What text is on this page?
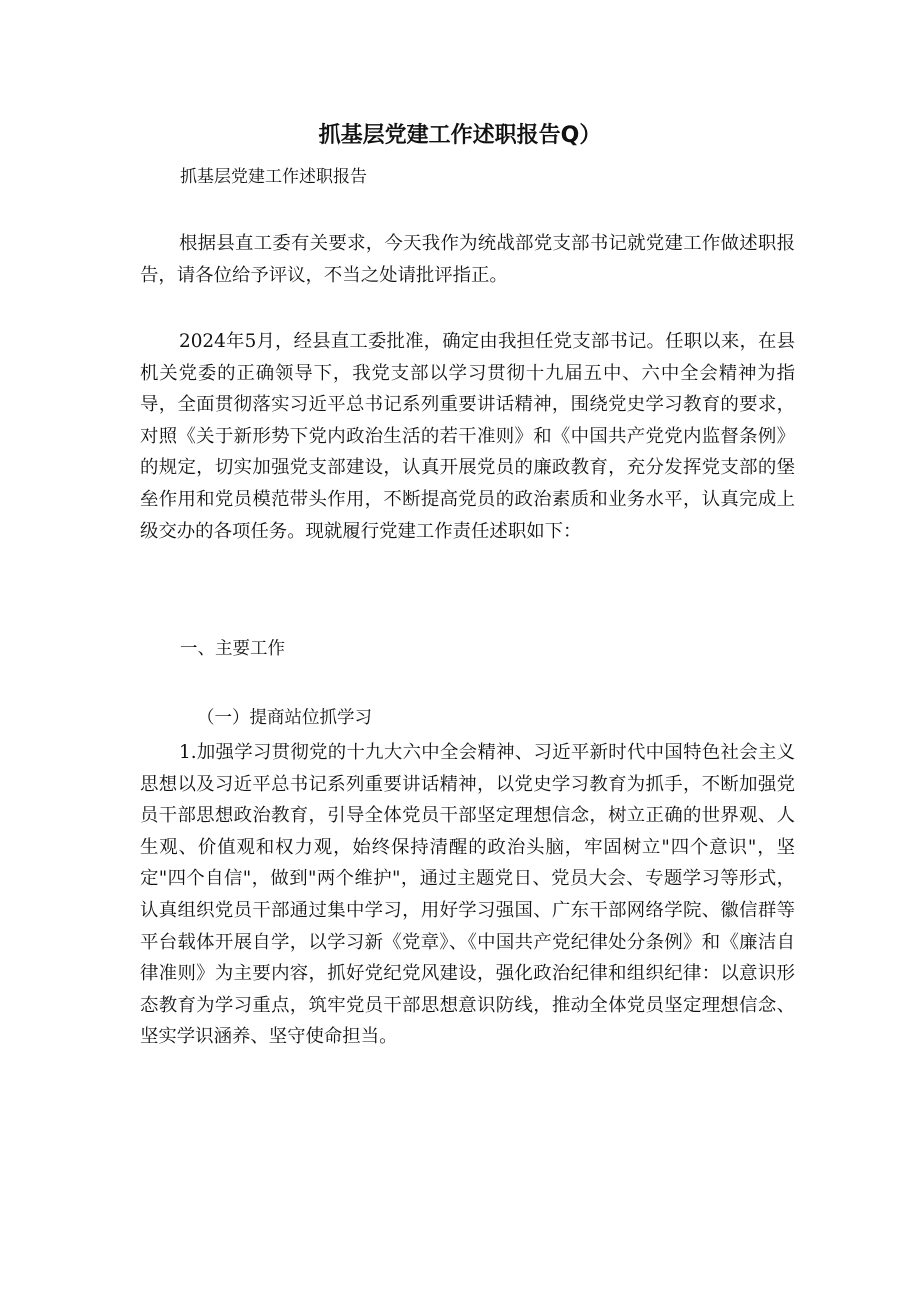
抓基层党建工作述职报告Q）

抓基层党建工作述职报告

根据县直工委有关要求，今天我作为统战部党支部书记就党建工作做述职报告，请各位给予评议，不当之处请批评指正。

2024年5月，经县直工委批准，确定由我担任党支部书记。任职以来，在县机关党委的正确领导下，我党支部以学习贯彻十九届五中、六中全会精神为指导，全面贯彻落实习近平总书记系列重要讲话精神，围绕党史学习教育的要求，对照《关于新形势下党内政治生活的若干准则》和《中国共产党党内监督条例》的规定，切实加强党支部建设，认真开展党员的廉政教育，充分发挥党支部的堡垒作用和党员模范带头作用，不断提高党员的政治素质和业务水平，认真完成上级交办的各项任务。现就履行党建工作责任述职如下：

一、主要工作

（一）提商站位抓学习

1.加强学习贯彻党的十九大六中全会精神、习近平新时代中国特色社会主义思想以及习近平总书记系列重要讲话精神，以党史学习教育为抓手，不断加强党员干部思想政治教育，引导全体党员干部坚定理想信念，树立正确的世界观、人生观、价值观和权力观，始终保持清醒的政治头脑，牢固树立"四个意识"，坚定"四个自信"，做到"两个维护"，通过主题党日、党员大会、专题学习等形式，认真组织党员干部通过集中学习，用好学习强国、广东干部网络学院、徽信群等平台载体开展自学，以学习新《党章》、《中国共产党纪律处分条例》和《廉洁自律准则》为主要内容，抓好党纪党风建设，强化政治纪律和组织纪律：以意识形态教育为学习重点，筑牢党员干部思想意识防线，推动全体党员坚定理想信念、坚实学识涵养、坚守使命担当。
